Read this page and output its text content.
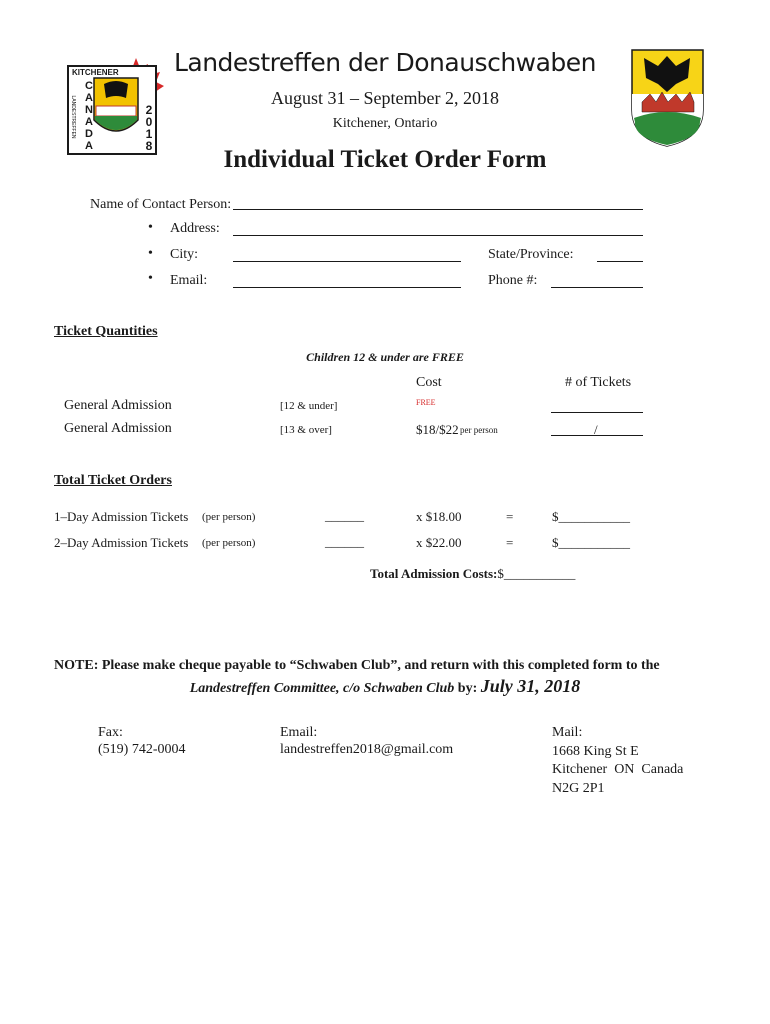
KITCHENER
C
A
N
A
D
A
2
0
1
8
LANDESTREFFEN
Landestreffen der Donauschwaben
August 31 – September 2, 2018
Kitchener, Ontario
Individual Ticket Order Form
Name of Contact Person:
• Address:
• City:	State/Province:
• Email:	Phone #:
Ticket Quantities
Children 12 & under are FREE
Cost	# of Tickets
General Admission	[12 & under]	FREE
General Admission	[13 & over]	$18/$22 per person	/
Total Ticket Orders
1–Day Admission Tickets (per person)	______	x $18.00	=	$___________
2–Day Admission Tickets (per person)	______	x $22.00	=	$___________
Total Admission Costs:$___________
NOTE: Please make cheque payable to “Schwaben Club”, and return with this completed form to the
Landestreffen Committee, c/o Schwaben Club by: July 31, 2018
Fax:
(519) 742-0004
Email:
landestreffen2018@gmail.com
Mail:
1668 King St E
Kitchener  ON  Canada
N2G 2P1
